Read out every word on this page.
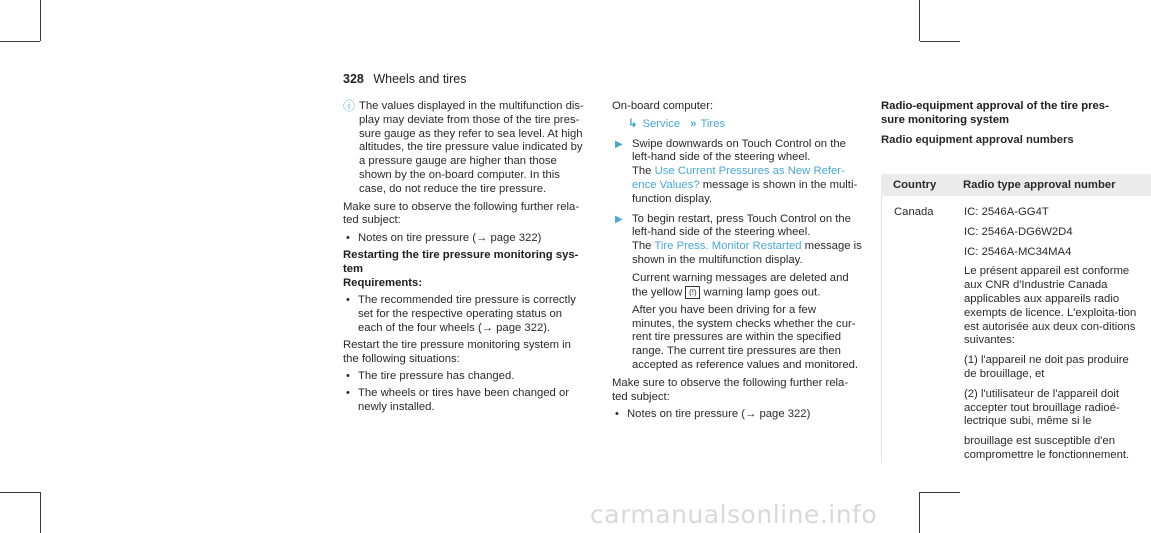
328 Wheels and tires
ⓘ The values displayed in the multifunction dis-

play may deviate from those of the tire pres-

sure gauge as they refer to sea level. At high

altitudes, the tire pressure value indicated by

a pressure gauge are higher than those

shown by the on-board computer. In this

case, do not reduce the tire pressure.

Make sure to observe the following further rela-

ted subject:

• Notes on tire pressure (→ page 322)

Restarting the tire pressure monitoring sys-

tem

Requirements:

• The recommended tire pressure is correctly

set for the respective operating status on

each of the four wheels (→ page 322).

Restart the tire pressure monitoring system in

the following situations:

• The tire pressure has changed.

• The wheels or tires have been changed or

newly installed.

On-board computer:

↳ Service » Tires
▶ Swipe downwards on Touch Control on the

left-hand side of the steering wheel.

The Use Current Pressures as New Refer-

ence Values? message is shown in the multi-

function display.

▶ To begin restart, press Touch Control on the

left-hand side of the steering wheel.

The Tire Press. Monitor Restarted message is

shown in the multifunction display.

Current warning messages are deleted and

the yellow (!) warning lamp goes out.

After you have been driving for a few

minutes, the system checks whether the cur-

rent tire pressures are within the specified

range. The current tire pressures are then

accepted as reference values and monitored.

Make sure to observe the following further rela-

ted subject:

• Notes on tire pressure (→ page 322)

Radio-equipment approval of the tire pres-

sure monitoring system

Radio equipment approval numbers

Country Radio type approval number
Canada	IC: 2546A-GG4T

IC: 2546A-DG6W2D4

IC: 2546A-MC34MA4

Le présent appareil est conforme aux CNR d'Industrie Canada applicables aux appareils radio exempts de licence. L'exploita-tion est autorisée aux deux con-ditions suivantes:

(1) l'appareil ne doit pas produire de brouillage, et

(2) l'utilisateur de l'appareil doit accepter tout brouillage radioé-lectrique subi, même si le

brouillage est susceptible d'en compromettre le fonctionnement.

carmanualsonline.info
